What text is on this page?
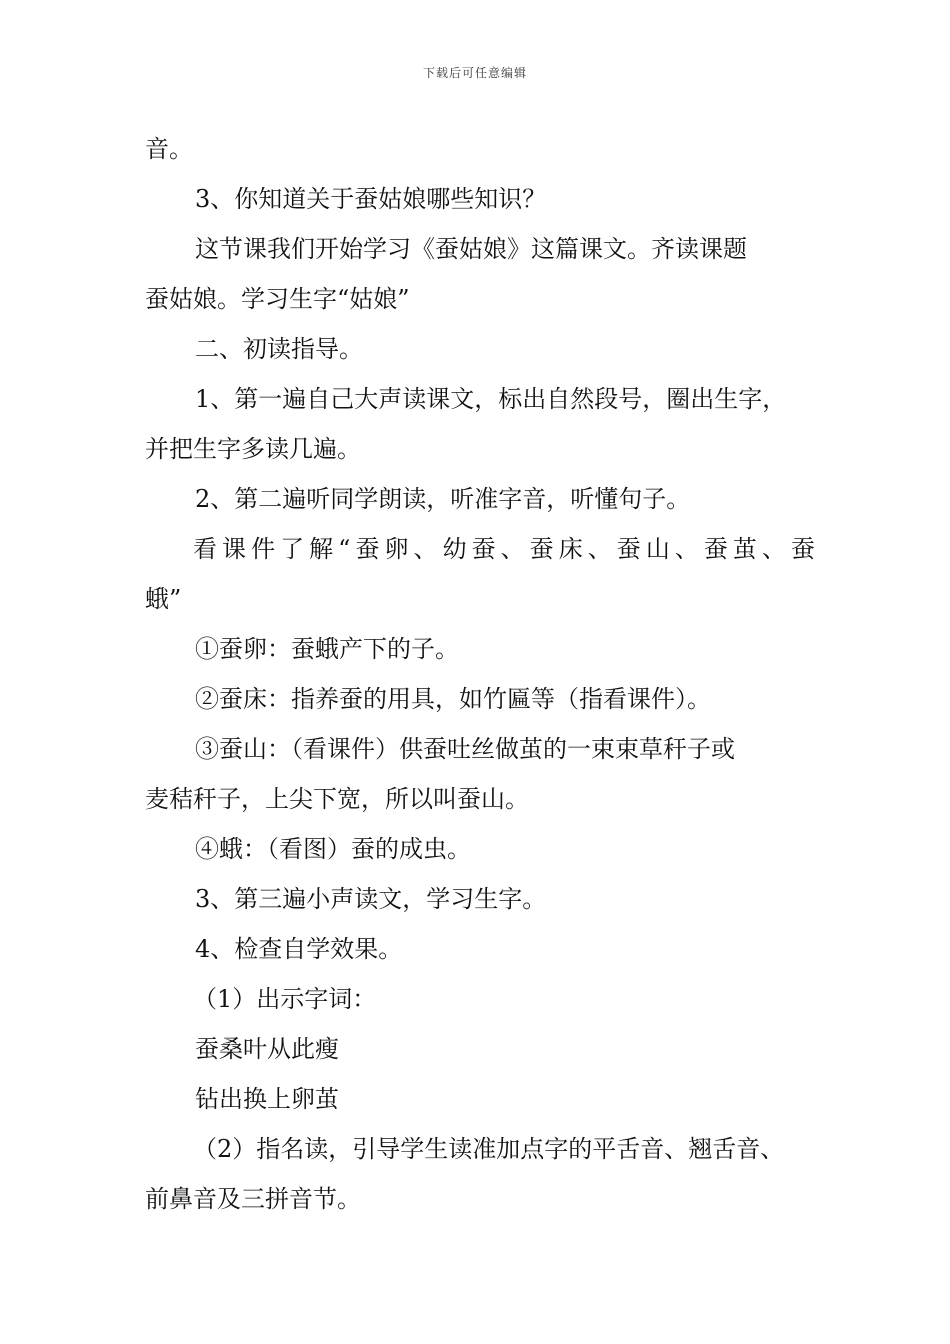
下载后可任意编辑
音。
3、你知道关于蚕姑娘哪些知识？
这节课我们开始学习《蚕姑娘》这篇课文。齐读课题
蚕姑娘。学习生字“姑娘”
二、初读指导。
1、第一遍自己大声读课文，标出自然段号，圈出生字，
并把生字多读几遍。
2、第二遍听同学朗读，听准字音，听懂句子。
看课件了解“蚕卵、幼蚕、蚕床、蚕山、蚕茧、蚕
蛾”
①蚕卵：蚕蛾产下的子。
②蚕床：指养蚕的用具，如竹匾等（指看课件）。
③蚕山：（看课件）供蚕吐丝做茧的一束束草秆子或
麦秸秆子，上尖下宽，所以叫蚕山。
④蛾：（看图）蚕的成虫。
3、第三遍小声读文，学习生字。
4、检查自学效果。
（1）出示字词：
蚕桑叶从此瘦
钻出换上卵茧
（2）指名读，引导学生读准加点字的平舌音、翘舌音、
前鼻音及三拼音节。
